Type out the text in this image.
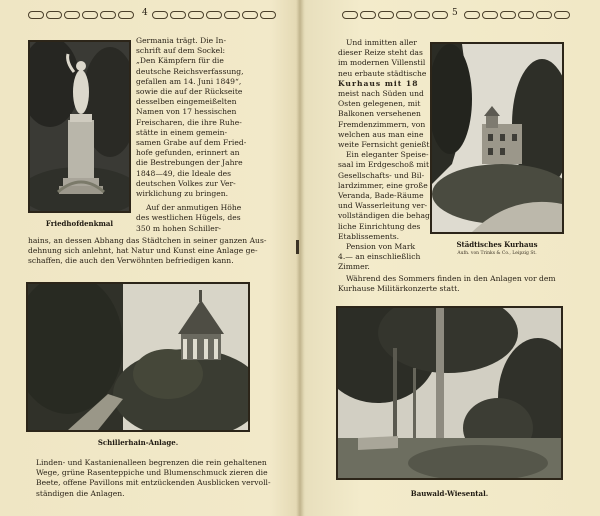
4	5
Friedhofdenkmal
Germania trägt. Die In-
schrift auf dem Sockel:
„Den Kämpfern für die
deutsche Reichsverfassung,
gefallen am 14. Juni 1849“,
sowie die auf der Rückseite
desselben eingemeißelten
Namen von 17 hessischen
Freischaren, die ihre Ruhe-
stätte in einem gemein-
samen Grabe auf dem Fried-
hofe gefunden, erinnert an
die Bestrebungen der Jahre
1848—49, die Ideale des
deutschen Volkes zur Ver-
wirklichung zu bringen.
Auf der anmutigen Höhe
des westlichen Hügels, des
350 m hohen Schiller-
hains, an dessen Abhang das Städtchen in seiner ganzen Aus-
dehnung sich anlehnt, hat Natur und Kunst eine Anlage ge-
schaffen, die auch den Verwöhnten befriedigen kann.
Schillerhain-Anlage.
Linden- und Kastanienalleen begrenzen die rein gehaltenen
Wege, grüne Rasenteppiche und Blumenschmuck zieren die
Beete, offene Pavillons mit entzückenden Ausblicken vervoll-
ständigen die Anlagen.
Und inmitten aller
dieser Reize steht das
im modernen Villenstil
neu erbaute städtische
Kurhaus mit 18
meist nach Süden und
Osten gelegenen, mit
Balkonen versehenen
Fremdenzimmern, von
welchen aus man eine
weite Fernsicht genießt.
Ein eleganter Speise-
saal im Erdgeschoß mit
Gesellschafts- und Bil-
lardzimmer, eine große
Veranda, Bade-Räume
und Wasserleitung ver-
vollständigen die behag-
liche Einrichtung des
Etablissements.
Pension von Mark
4.— an einschließlich
Zimmer.
Städtisches Kurhaus
Aufn. von Trinks & Co., Leipzig St.
Während des Sommers finden in den Anlagen vor dem
Kurhause Militärkonzerte statt.
Bauwald-Wiesental.
